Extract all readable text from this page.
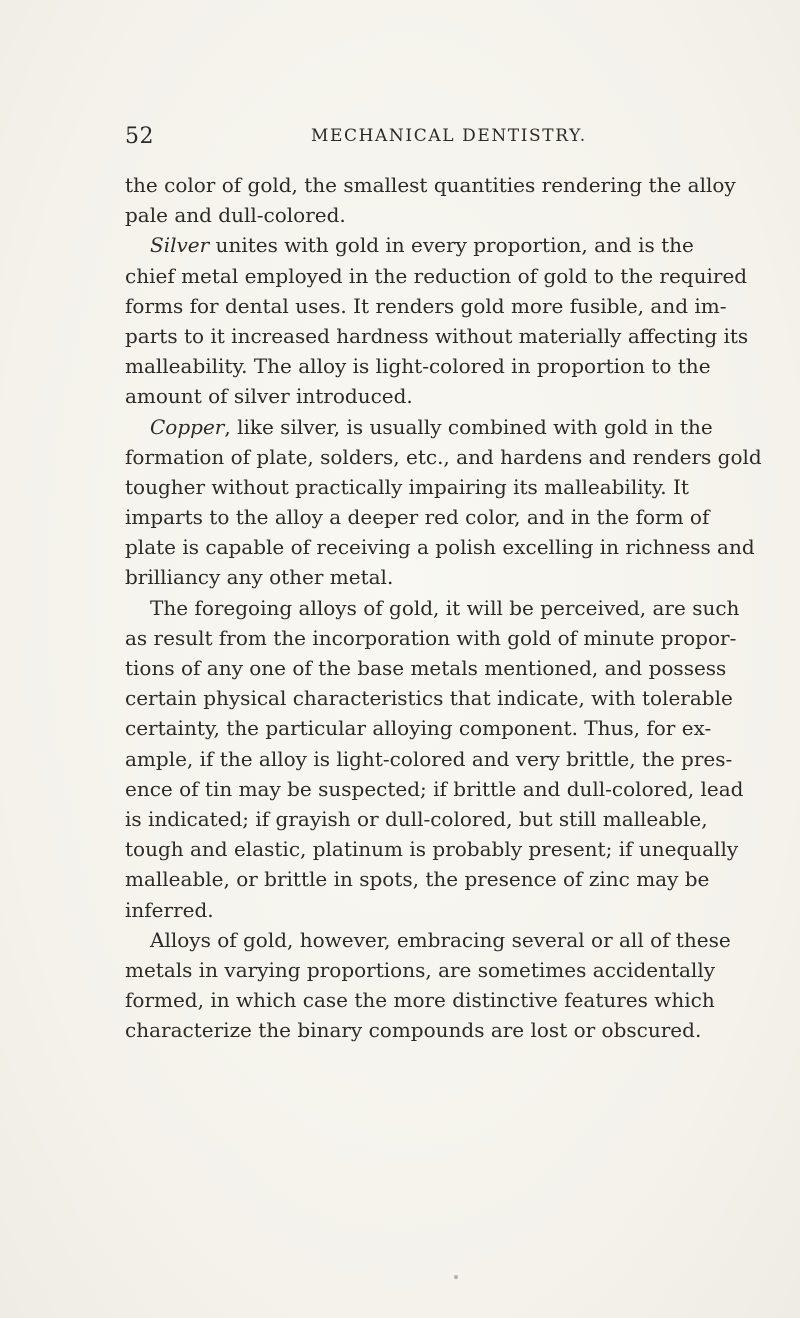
52	MECHANICAL DENTISTRY.
the color of gold, the smallest quantities rendering the alloy
pale and dull-colored.
Silver unites with gold in every proportion, and is the
chief metal employed in the reduction of gold to the required
forms for dental uses. It renders gold more fusible, and im-
parts to it increased hardness without materially affecting its
malleability. The alloy is light-colored in proportion to the
amount of silver introduced.
Copper, like silver, is usually combined with gold in the
formation of plate, solders, etc., and hardens and renders gold
tougher without practically impairing its malleability. It
imparts to the alloy a deeper red color, and in the form of
plate is capable of receiving a polish excelling in richness and
brilliancy any other metal.
The foregoing alloys of gold, it will be perceived, are such
as result from the incorporation with gold of minute propor-
tions of any one of the base metals mentioned, and possess
certain physical characteristics that indicate, with tolerable
certainty, the particular alloying component. Thus, for ex-
ample, if the alloy is light-colored and very brittle, the pres-
ence of tin may be suspected; if brittle and dull-colored, lead
is indicated; if grayish or dull-colored, but still malleable,
tough and elastic, platinum is probably present; if unequally
malleable, or brittle in spots, the presence of zinc may be
inferred.
Alloys of gold, however, embracing several or all of these
metals in varying proportions, are sometimes accidentally
formed, in which case the more distinctive features which
characterize the binary compounds are lost or obscured.
